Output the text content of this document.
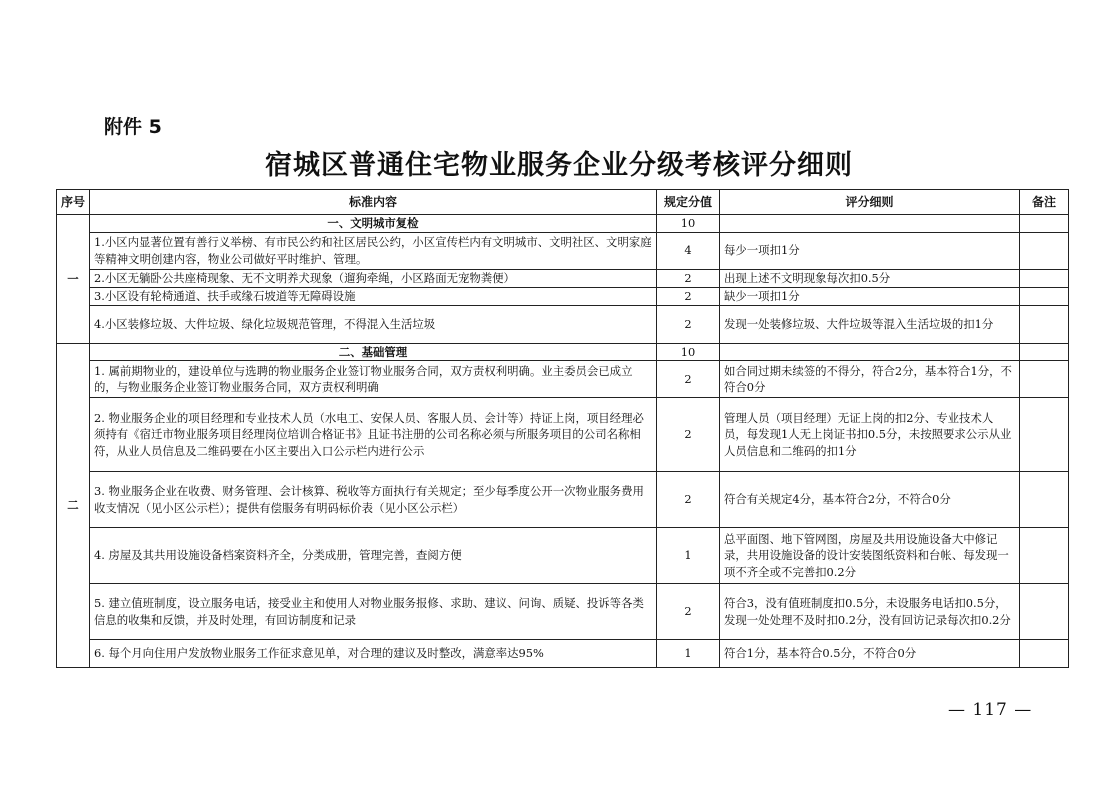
附件 5
宿城区普通住宅物业服务企业分级考核评分细则
序号	标准内容	规定分值	评分细则	备注
一	一、文明城市复检	10		
	1.小区内显著位置有善行义举榜、有市民公约和社区居民公约，小区宣传栏内有文明城市、文明社区、文明家庭等精神文明创建内容，物业公司做好平时维护、管理。	4	每少一项扣1分	
	2.小区无躺卧公共座椅现象、无不文明养犬现象（遛狗牵绳，小区路面无宠物粪便）	2	出现上述不文明现象每次扣0.5分	
	3.小区设有轮椅通道、扶手或缘石坡道等无障碍设施	2	缺少一项扣1分	
	4.小区装修垃圾、大件垃圾、绿化垃圾规范管理，不得混入生活垃圾	2	发现一处装修垃圾、大件垃圾等混入生活垃圾的扣1分	
二	二、基础管理	10		
	1. 属前期物业的，建设单位与选聘的物业服务企业签订物业服务合同，双方责权利明确。业主委员会已成立的，与物业服务企业签订物业服务合同，双方责权利明确	2	如合同过期未续签的不得分，符合2分，基本符合1分，不符合0分	
	2. 物业服务企业的项目经理和专业技术人员（水电工、安保人员、客服人员、会计等）持证上岗，项目经理必须持有《宿迁市物业服务项目经理岗位培训合格证书》且证书注册的公司名称必须与所服务项目的公司名称相符，从业人员信息及二维码要在小区主要出入口公示栏内进行公示	2	管理人员（项目经理）无证上岗的扣2分、专业技术人员，每发现1人无上岗证书扣0.5分，未按照要求公示从业人员信息和二维码的扣1分	
	3. 物业服务企业在收费、财务管理、会计核算、税收等方面执行有关规定；至少每季度公开一次物业服务费用收支情况（见小区公示栏）；提供有偿服务有明码标价表（见小区公示栏）	2	符合有关规定4分，基本符合2分，不符合0分	
	4. 房屋及其共用设施设备档案资料齐全，分类成册，管理完善，查阅方便	1	总平面图、地下管网图，房屋及共用设施设备大中修记录，共用设施设备的设计安装图纸资料和台帐、每发现一项不齐全或不完善扣0.2分	
	5. 建立值班制度，设立服务电话，接受业主和使用人对物业服务报修、求助、建议、问询、质疑、投诉等各类信息的收集和反馈，并及时处理，有回访制度和记录	2	符合3，没有值班制度扣0.5分，未设服务电话扣0.5分，发现一处处理不及时扣0.2分，没有回访记录每次扣0.2分	
	6. 每个月向住用户发放物业服务工作征求意见单，对合理的建议及时整改，满意率达95%	1	符合1分，基本符合0.5分，不符合0分	
— 117 —
